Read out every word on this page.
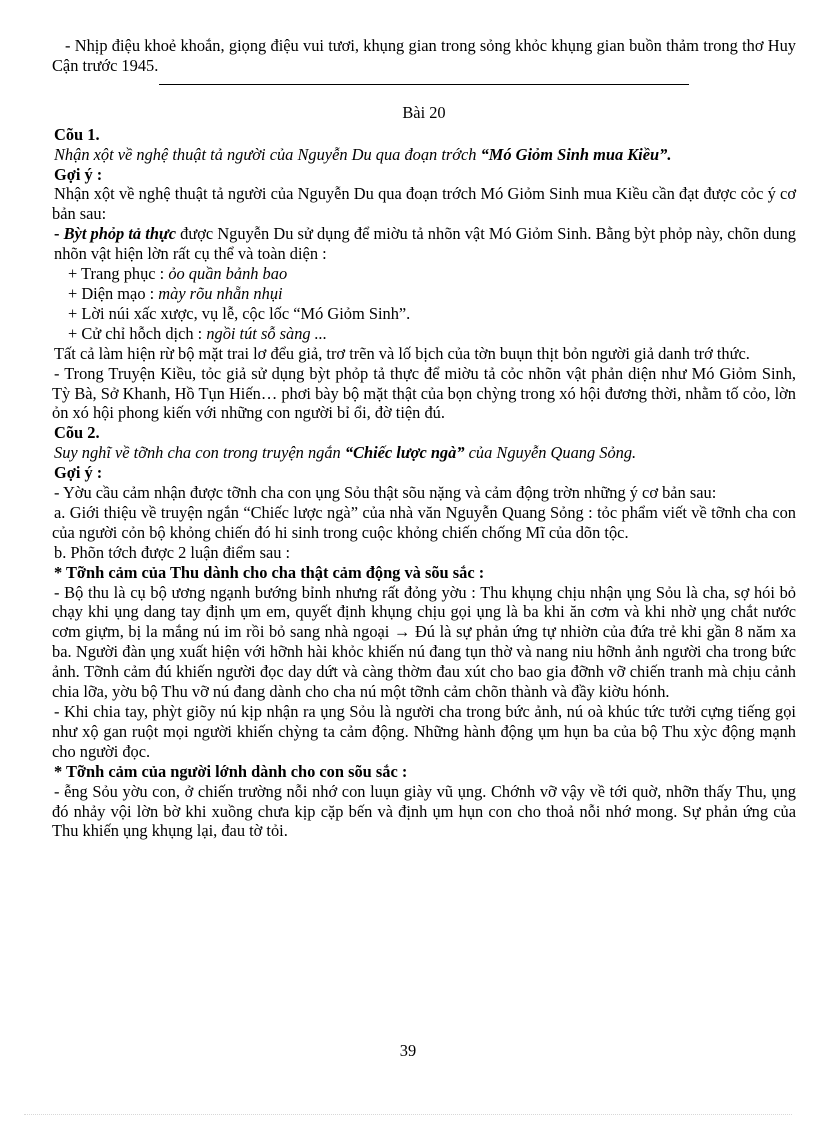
- Nhịp điệu khoẻ khoắn, giọng điệu vui tươi, khụng gian trong sỏng khỏc khụng gian buồn thảm trong thơ Huy Cận trước 1945.

Bài 20

Cõu 1.

Nhận xột về nghệ thuật tả người của Nguyễn Du qua đoạn trớch “Mó Giỏm Sinh mua Kiều”.

Gợi ý :

Nhận xột về nghệ thuật tả người của Nguyễn Du qua đoạn trớch Mó Giỏm Sinh mua Kiều cần đạt được cỏc ý cơ bản sau:

- Bỳt phỏp tả thực được Nguyễn Du sử dụng để miờu tả nhõn vật Mó Giỏm Sinh. Bằng bỳt phỏp này, chõn dung nhõn vật hiện lờn rất cụ thể và toàn diện :

+ Trang phục : ỏo quần bảnh bao

+ Diện mạo : mày rõu nhẵn nhụi

+ Lời núi xấc xược, vụ lễ, cộc lốc “Mó Giỏm Sinh”.

+ Cử chỉ hỗch dịch : ngồi tút sỗ sàng ...

Tất cả làm hiện rừ bộ mặt trai lơ đểu giả, trơ trẽn và lố bịch của tờn buụn thịt bỏn người giả danh trớ thức.

- Trong Truyện Kiều, tỏc giả sử dụng bỳt phỏp tả thực để miờu tả cỏc nhõn vật phản diện như Mó Giỏm Sinh, Tỳ Bà, Sở Khanh, Hồ Tụn Hiến… phơi bày bộ mặt thật của bọn chỳng trong xó hội đương thời, nhằm tố cỏo, lờn ỏn xó hội phong kiến với những con người bỉ ổi, đờ tiện đú.

Cõu 2.

Suy nghĩ về tỡnh cha con trong truyện ngắn “Chiếc lược ngà” của Nguyễn Quang Sỏng.

Gợi ý :

- Yờu cầu cảm nhận được tỡnh cha con ụng Sỏu thật sõu nặng và cảm động trờn những ý cơ bản sau:

a. Giới thiệu về truyện ngắn “Chiếc lược ngà” của nhà văn Nguyễn Quang Sỏng : tỏc phẩm viết về tỡnh cha con của người cỏn bộ khỏng chiến đó hi sinh trong cuộc khỏng chiến chống Mĩ của dõn tộc.

b. Phõn tớch được 2 luận điểm sau :

* Tỡnh cảm của Thu dành cho cha thật cảm động và sõu sắc :

- Bộ thu là cụ bộ ương ngạnh bướng bỉnh nhưng rất đỏng yờu : Thu khụng chịu nhận ụng Sỏu là cha, sợ hói bỏ chạy khi ụng dang tay định ụm em, quyết định khụng chịu gọi ụng là ba khi ăn cơm và khi nhờ ụng chắt nước cơm giựm, bị la mắng nú im rồi bỏ sang nhà ngoại → Đú là sự phản ứng tự nhiờn của đứa trẻ khi gần 8 năm xa ba. Người đàn ụng xuất hiện với hỡnh hài khỏc khiến nú đang tụn thờ và nang niu hỡnh ảnh người cha trong bức ảnh. Tỡnh cảm đú khiến người đọc day dứt và càng thờm đau xút cho bao gia đỡnh vỡ chiến tranh mà chịu cảnh chia lỡa, yờu bộ Thu vỡ nú đang dành cho cha nú một tỡnh cảm chõn thành và đầy kiờu hónh.

- Khi chia tay, phỳt giõy nú kịp nhận ra ụng Sỏu là người cha trong bức ảnh, nú oà khúc tức tưởi cựng tiếng gọi như xộ gan ruột mọi người khiến chỳng ta cảm động. Những hành động ụm hụn ba của bộ Thu xỳc động mạnh cho người đọc.

* Tỡnh cảm của người lớnh dành cho con sõu sắc :

- ễng Sỏu yờu con, ở chiến trường nỗi nhớ con luụn giày vũ ụng. Chớnh vỡ vậy về tới quờ, nhỡn thấy Thu, ụng đó nhảy vội lờn bờ khi xuồng chưa kịp cặp bến và định ụm hụn con cho thoả nỗi nhớ mong. Sự phản ứng của Thu khiến ụng khụng lại, đau tờ tỏi.

39
